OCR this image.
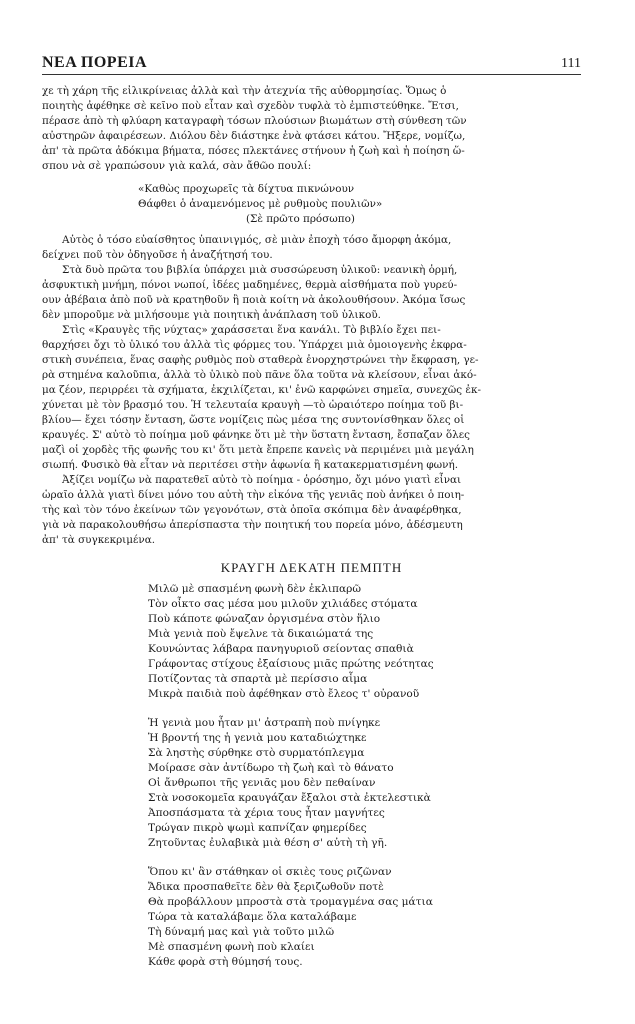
ΝΕΑ ΠΟΡΕΙΑ	111

χε τὴ χάρη τῆς εἰλικρίνειας ἀλλὰ καὶ τὴν ἀτεχνία τῆς αὐθορμησίας. Ὅμως ὁ
ποιητὴς ἀφέθηκε σὲ κεῖνο ποὺ εἶταν καὶ σχεδὸν τυφλὰ τὸ ἐμπιστεύθηκε. Ἔτσι,
πέρασε ἀπὸ τὴ φλύαρη καταγραφὴ τόσων πλούσιων βιωμάτων στὴ σύνθεση τῶν
αὐστηρῶν ἀφαιρέσεων. Διόλου δὲν διάστηκε ἐνὰ φτάσει κάτου. Ἤξερε, νομίζω,
ἀπ' τὰ πρῶτα ἀδόκιμα βήματα, πόσες πλεκτάνες στήνουν ἡ ζωὴ καὶ ἡ ποίηση ὥ-
σπου νὰ σὲ γραπώσουν γιὰ καλά, σὰν ἄθῶο πουλί:

«Καθὼς προχωρεῖς τὰ δίχτυα πικνώνουν
Θάφθει ὁ ἀναμενόμενος μὲ ρυθμοὺς πουλιῶν»
(Σὲ πρῶτο πρόσωπο)

Αὐτὸς ὁ τόσο εὐαίσθητος ὑπαινιγμός, σὲ μιὰν ἐποχὴ τόσο ἄμορφη ἀκόμα,
δείχνει ποῦ τὸν ὁδηγοῦσε ἡ ἀναζήτησή του.

Στὰ δυὸ πρῶτα του βιβλία ὑπάρχει μιὰ συσσώρευση ὑλικοῦ: νεανικὴ ὁρμή,
ἀσφυκτικὴ μνήμη, πόνοι νωποί, ἰδέες μαδημένες, θερμὰ αἰσθήματα ποὺ γυρεύ-
ουν ἀβέβαια ἀπὸ ποῦ νὰ κρατηθοῦν ἢ ποιὰ κοίτη νὰ ἀκολουθήσουν. Ἀκόμα ἴσως
δὲν μποροῦμε νὰ μιλήσουμε γιὰ ποιητικὴ ἀνάπλαση τοῦ ὑλικοῦ.

Στὶς «Κραυγὲς τῆς νύχτας» χαράσσεται ἕνα κανάλι. Τὸ βιβλίο ἔχει πει-
θαρχήσει ὄχι τὸ ὑλικό του ἀλλὰ τὶς φόρμες του. Ὑπάρχει μιὰ ὁμοιογενὴς ἐκφρα-
στικὴ συνέπεια, ἕνας σαφὴς ρυθμὸς ποὺ σταθερὰ ἐνορχηστρώνει τὴν ἔκφραση, γε-
ρὰ στημένα καλοῦπια, ἀλλὰ τὸ ὑλικὸ ποὺ πᾶνε ὅλα τοῦτα νὰ κλείσουν, εἶναι ἀκό-
μα ζέον, περιρρέει τὰ σχήματα, ἐκχιλίζεται, κι' ἐνῶ καρφώνει σημεῖα, συνεχῶς ἐκ-
χύνεται μὲ τὸν βρασμό του. Ἡ τελευταία κραυγὴ —τὸ ὡραιότερο ποίημα τοῦ βι-
βλίου— ἔχει τόσην ἔνταση, ὥστε νομίζεις πὼς μέσα της συντονίσθηκαν ὅλες οἱ
κραυγές. Σ' αὐτὸ τὸ ποίημα μοῦ φάνηκε ὅτι μὲ τὴν ὕστατη ἔνταση, ἔσπαζαν ὅλες
μαζὶ οἱ χορδὲς τῆς φωνῆς του κι' ὅτι μετὰ ἔπρεπε κανεὶς νὰ περιμένει μιὰ μεγάλη
σιωπή. Φυσικὸ θὰ εἶταν νὰ περιτέσει στὴν ἀφωνία ἢ κατακερματισμένη φωνή.

Ἀξίζει νομίζω νὰ παρατεθεῖ αὐτὸ τὸ ποίημα - ὁρόσημο, ὄχι μόνο γιατὶ εἶναι
ὡραῖο ἀλλὰ γιατὶ δίνει μόνο του αὐτὴ τὴν εἰκόνα τῆς γενιᾶς ποὺ ἀνήκει ὁ ποιη-
τὴς καὶ τὸν τόνο ἐκείνων τῶν γεγονότων, στὰ ὁποῖα σκόπιμα δὲν ἀναφέρθηκα,
γιὰ νὰ παρακολουθήσω ἀπερίσπαστα τὴν ποιητική του πορεία μόνο, ἀδέσμευτη
ἀπ' τὰ συγκεκριμένα.

ΚΡΑΥΓΗ ΔΕΚΑΤΗ ΠΕΜΠΤΗ
Μιλῶ μὲ σπασμένη φωνὴ δὲν ἐκλιπαρῶ
Τὸν οἶκτο σας μέσα μου μιλοῦν χιλιάδες στόματα
Ποὺ κάποτε φώναζαν ὀργισμένα στὸν ἥλιο
Μιὰ γενιὰ ποὺ ἔψελνε τὰ δικαιώματά της
Κουνώντας λάβαρα πανηγυριοῦ σείοντας σπαθιὰ
Γράφοντας στίχους ἐξαίσιους μιᾶς πρώτης νεότητας
Ποτίζοντας τὰ σπαρτὰ μὲ περίσσιο αἷμα
Μικρὰ παιδιὰ ποὺ ἀφέθηκαν στὸ ἔλεος τ' οὐρανοῦ
Ἡ γενιὰ μου ἦταν μι' ἀστραπὴ ποὺ πνίγηκε
Ἡ βροντή της ἡ γενιὰ μου καταδιώχτηκε
Σὰ ληστὴς σύρθηκε στὸ συρματόπλεγμα
Μοίρασε σὰν ἀντίδωρο τὴ ζωὴ καὶ τὸ θάνατο
Οἱ ἄνθρωποι τῆς γενιᾶς μου δὲν πεθαίναν
Στὰ νοσοκομεῖα κραυγάζαν ἔξαλοι στὰ ἐκτελεστικὰ
Ἀποσπάσματα τὰ χέρια τους ἦταν μαγνήτες
Τρώγαν πικρὸ ψωμὶ καπνίζαν φημερίδες
Ζητοῦντας ἐυλαβικὰ μιὰ θέση σ' αὐτὴ τὴ γῆ.
Ὅπου κι' ἂν στάθηκαν οἱ σκιὲς τους ριζῶναν
Ἄδικα προσπαθεῖτε δὲν θὰ ξεριζωθοῦν ποτὲ
Θὰ προβάλλουν μπροστὰ στὰ τρομαγμένα σας μάτια
Τώρα τὰ καταλάβαμε ὅλα καταλάβαμε
Τὴ δύναμή μας καὶ γιὰ τοῦτο μιλῶ
Μὲ σπασμένη φωνὴ ποὺ κλαίει
Κάθε φορὰ στὴ θύμησή τους.
